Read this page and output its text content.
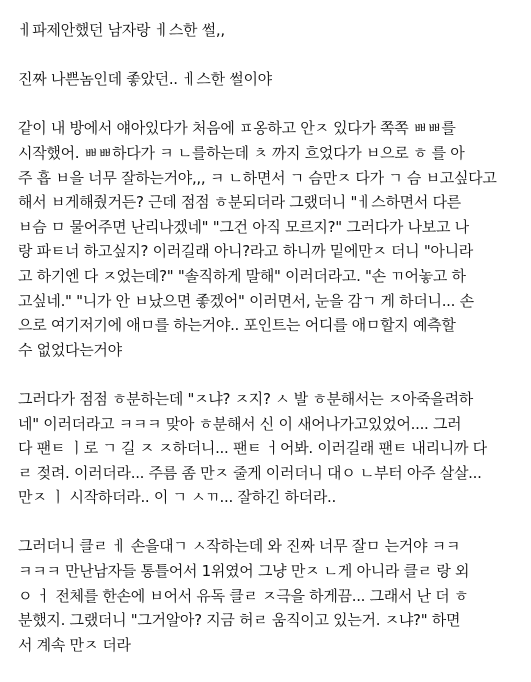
ㅔ파제안했던 남자랑 ㅔ스한 썰,,
진짜 나쁜놈인데 좋았던.. ㅔ스한 썰이야
같이 내 방에서 얘아있다가 처음에 ㅍ옹하고 안ㅈ 있다가 쪽쪽 ㅃㅃ를
시작했어. ㅃㅃ하다가 ㅋ ㄴ를하는데 ㅊ 까지 흐었다가 ㅂ으로 ㅎ 를 아
주 흡 ㅂ을 너무 잘하는거야,,, ㅋ ㄴ하면서 ㄱ 슴만ㅈ 다가 ㄱ 슴 ㅂ고싶다고
해서 ㅂ게해줬거든? 근데 점점 ㅎ분되더라 그랬더니 "ㅔ스하면서 다른
ㅂ슴 ㅁ 물어주면 난리나겠네" "그건 아직 모르지?" 그러다가 나보고 나
랑 파ㅌ너 하고싶지? 이러길래 아니?라고 하니까 밑에만ㅈ 더니 "아니라
고 하기엔 다 ㅈ었는데?" "솔직하게 말해" 이러더라고. "손 ㄲ어놓고 하
고싶네." "니가 안 ㅂ났으면 좋겠어" 이러면서, 눈을 감ㄱ 게 하더니... 손
으로 여기저기에 애ㅁ를 하는거야.. 포인트는 어디를 애ㅁ할지 예측할
수 없었다는거야
그러다가 점점 ㅎ분하는데 "ㅈ냐? ㅈ지? ㅅ 발 ㅎ분해서는 ㅈ아죽을려하
네" 이러더라고 ㅋㅋㅋ 맞아 ㅎ분해서 신 이 새어나가고있었어.... 그러
다 팬ㅌ ㅣ로 ㄱ 길 ㅈ ㅈ하더니... 팬ㅌ ㅓ어봐. 이러길래 팬ㅌ 내리니까 다
ㄹ 젖려. 이러더라... 주름 좀 만ㅈ 줄게 이러더니 대ㅇ ㄴ부터 아주 살살...
만ㅈ ㅣ 시작하더라.. 이 ㄱ ㅅㄲ... 잘하긴 하더라..
그러더니 클ㄹ ㅔ 손을대ㄱ ㅅ작하는데 와 진짜 너무 잘ㅁ 는거야 ㅋㅋ
ㅋㅋㅋ 만난남자들 통틀어서 1위였어 그냥 만ㅈ ㄴ게 아니라 클ㄹ 랑 외
ㅇ ㅓ 전체를 한손에 ㅂ어서 유독 클ㄹ ㅈ극을 하게끔... 그래서 난 더 ㅎ
분했지. 그랬더니 "그거알아? 지금 허ㄹ 움직이고 있는거. ㅈ냐?" 하면
서 계속 만ㅈ 더라
